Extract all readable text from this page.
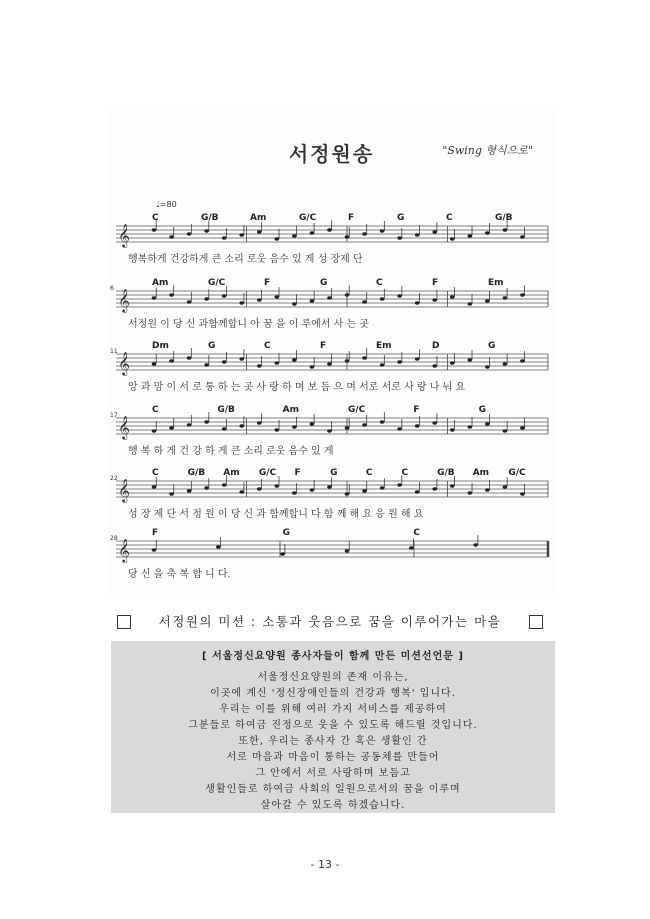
서정원송	"Swing 형식으로"
♩=80
𝄞
C	G/B	Am	G/C	F	G	C	G/B
행복하게 건강하게 큰 소리 로웃 음수 있 게 성 장제 단
𝄞
Am	G/C	F	G	C	F	Em
6
서정원 이 당 신 과함께합니 아 꿈 을 이 루에서 사 는 곳
𝄞
Dm	G	C	F	Em	D	G
11
앙 과 맘 이 서 로 통 하 는 곳 사 랑 하 며 보 듬 으 며 서로 서로 사 랑 나 눠 요
𝄞
C	G/B	Am	G/C	F	G
17
행 복 하 게 건 강 하 게 큰 소리 로웃 음수 있 게
𝄞
C	G/B Am G/C F	G	C	C	G/B Am G/C
22
성 장 제 단 서 정 원 이 당 신 과 함께합니 다 함 께 해 요 응 원 해 요
𝄞
F	G	C
28
당 신 을 축 복 합 니 다.
서정원의 미션 : 소통과 웃음으로 꿈을 이루어가는 마을
[ 서울정신요양원 종사자들이 함께 만든 미션선언문 ]
서울정신요양원의 존재 이유는,
이곳에 계신 '정신장애인들의 건강과 행복' 입니다.
우리는 이를 위해 여러 가지 서비스를 제공하여
그분들로 하여금 진정으로 웃을 수 있도록 해드릴 것입니다.
또한, 우리는 종사자 간 혹은 생활인 간
서로 마음과 마음이 통하는 공동체를 만들어
그 안에서 서로 사랑하며 보듬고
생활인들로 하여금 사회의 일원으로서의 꿈을 이루며
살아갈 수 있도록 하겠습니다.
- 13 -
